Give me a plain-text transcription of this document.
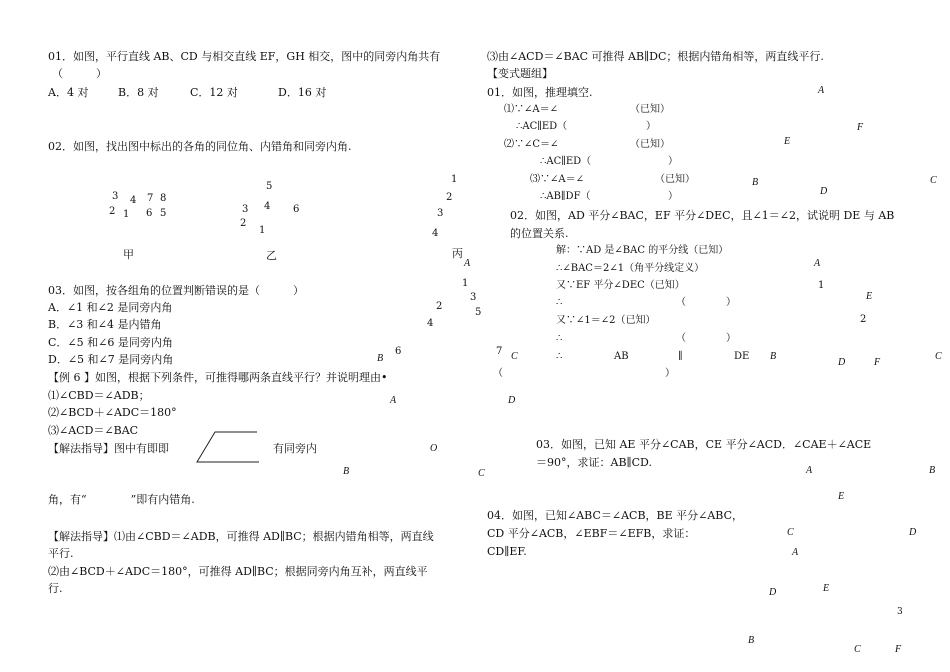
01．如图，平行直线 AB、CD 与相交直线 EF，GH 相交，图中的同旁内角共有
（　　　）
A．4 对	B．8 对	C．12 对	D．16 对
02．如图，找出图中标出的各角的同位角、内错角和同旁内角.
3 4 7 8
2 1 6 5
甲
5
4 6
3
2
1
乙
1
2
3
4
丙
03．如图，按各组角的位置判断错误的是（　　　）
A．∠1 和∠2 是同旁内角
B．∠3 和∠4 是内错角
C．∠5 和∠6 是同旁内角
D．∠5 和∠7 是同旁内角
A
1
3
2
5
4
6	7
B	C
【例 6 】如图，根据下列条件，可推得哪两条直线平行？并说明理由•
⑴∠CBD＝∠ADB；
⑵∠BCD＋∠ADC＝180°
⑶∠ACD＝∠BAC
A	D
O
B	C
【解法指导】图中有即即	有同旁内
角，有“　　　　”即有内错角.
【解法指导】⑴由∠CBD＝∠ADB，可推得 AD∥BC；根据内错角相等，两直线
平行.
⑵由∠BCD＋∠ADC＝180°，可推得 AD∥BC；根据同旁内角互补，两直线平
行.
⑶由∠ACD＝∠BAC 可推得 AB∥DC；根据内错角相等，两直线平行.
【变式题组】
01．如图，推理填空.
⑴∵∠A＝∠	（已知）
∴AC∥ED（	）
⑵∵∠C＝∠	（已知）
∴AC∥ED（	）
⑶∵∠A＝∠	（已知）
∴AB∥DF（	）
A
F
E
B
D
C
02．如图，AD 平分∠BAC，EF 平分∠DEC，且∠1＝∠2，试说明 DE 与 AB
的位置关系.
解：∵AD 是∠BAC 的平分线（已知）
∴∠BAC＝2∠1（角平分线定义）
又∵EF 平分∠DEC（已知）
∴	（　　　　）
又∵∠1＝∠2（已知）
∴	（　　　　）
∴	AB	∥	DE
（	）
A
1
E
2
B
D	F
C
03．如图，已知 AE 平分∠CAB，CE 平分∠ACD．∠CAE＋∠ACE
＝90°，求证：AB∥CD.
A	B
E
C	D
04．如图，已知∠ABC＝∠ACB，BE 平分∠ABC，
CD 平分∠ACB，∠EBF＝∠EFB，求证：
CD∥EF.	A
D	E
B
C	F
3
